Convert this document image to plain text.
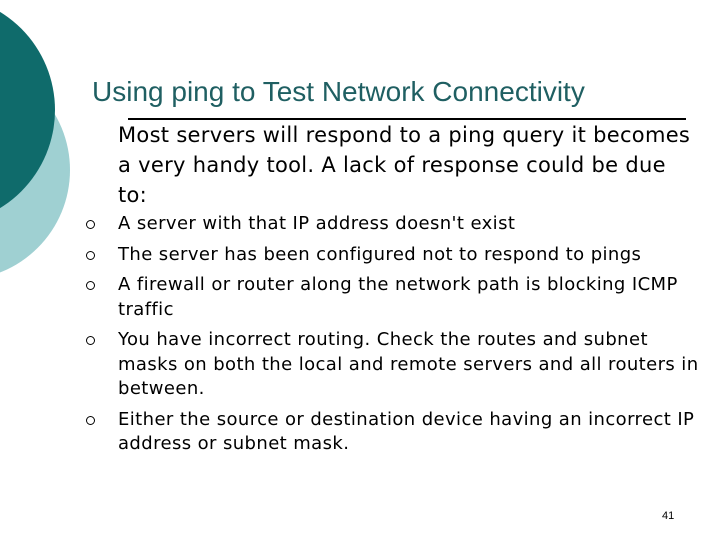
Using ping to Test Network Connectivity

Most servers will respond to a ping query it becomes a very handy tool. A lack of response could be due to:

A server with that IP address doesn't exist
The server has been configured not to respond to pings
A firewall or router along the network path is blocking ICMP traffic
You have incorrect routing. Check the routes and subnet masks on both the local and remote servers and all routers in between.
Either the source or destination device having an incorrect IP address or subnet mask.
41
